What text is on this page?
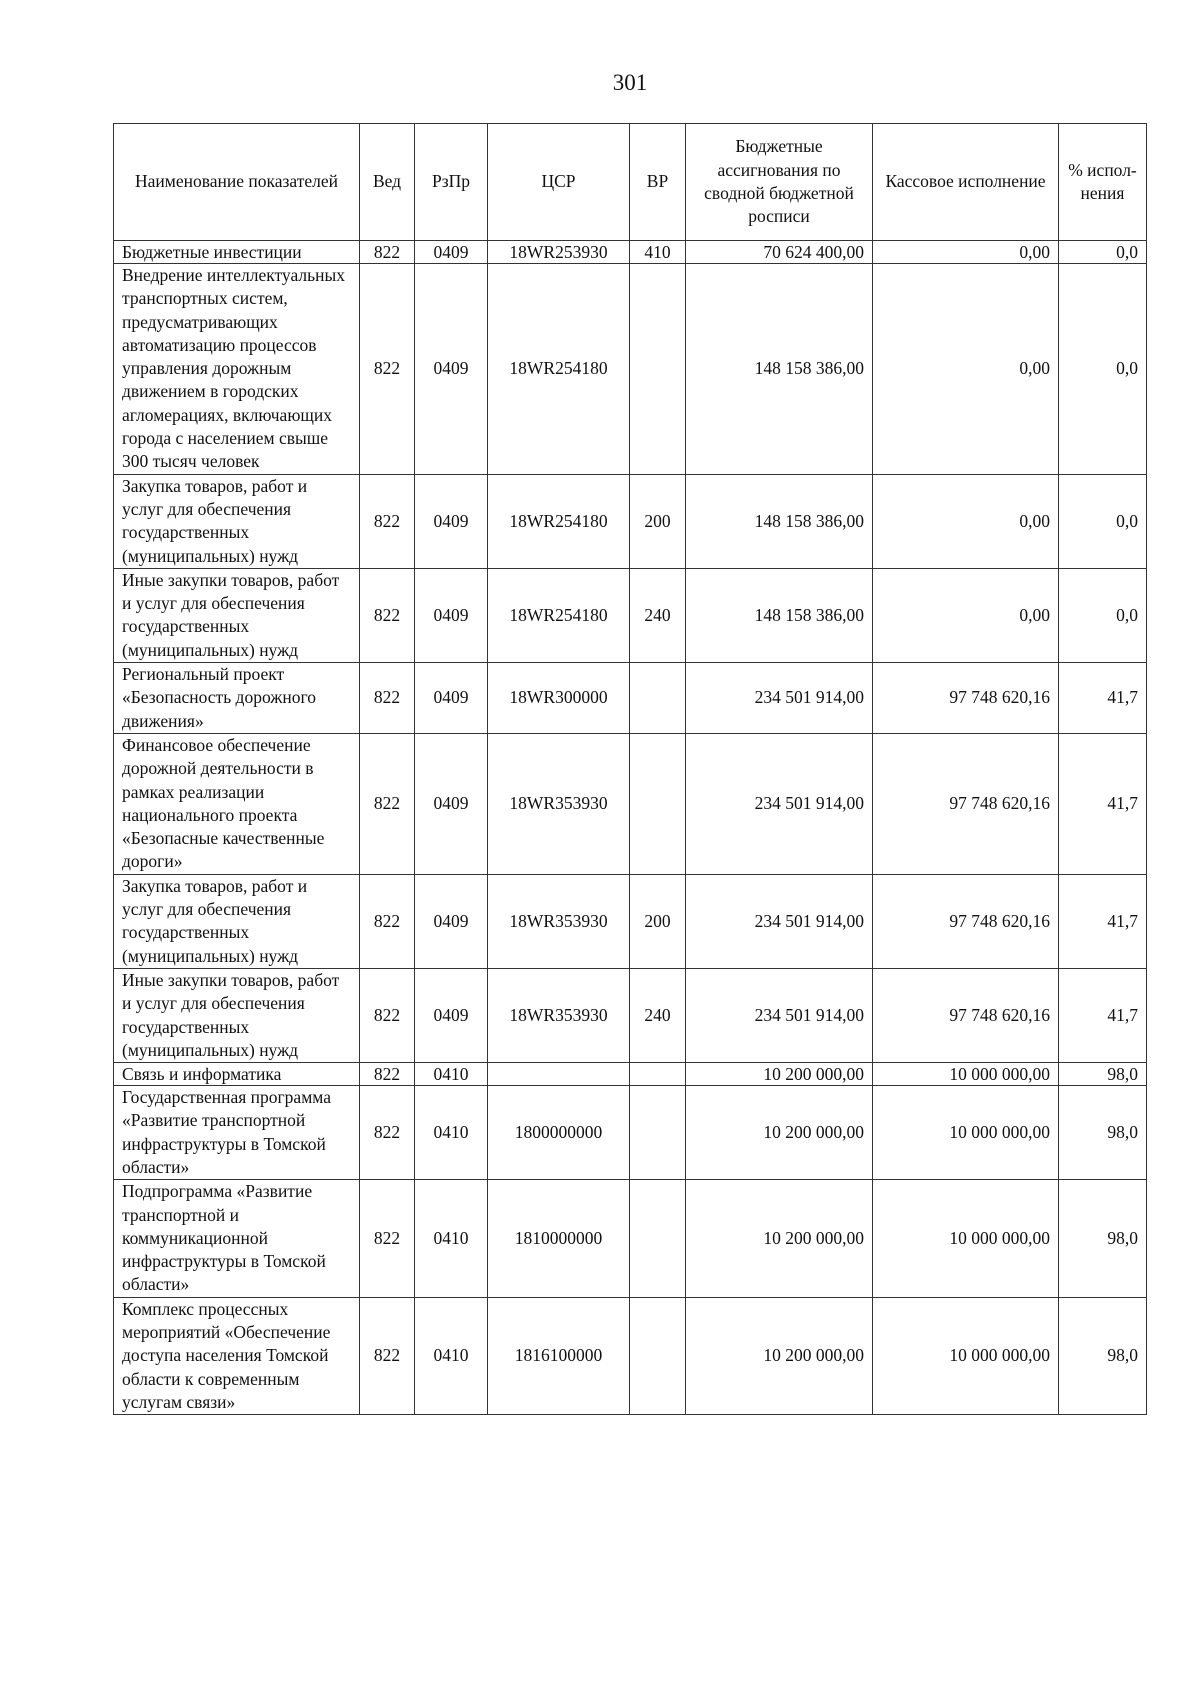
301
Наименование показателей	Вед	РзПр	ЦСР	ВР	Бюджетные ассигнования по сводной бюджетной росписи	Кассовое исполнение	% испол-нения
Бюджетные инвестиции	822	0409	18WR253930	410	70 624 400,00	0,00	0,0
Внедрение интеллектуальных транспортных систем, предусматривающих автоматизацию процессов управления дорожным движением в городских агломерациях, включающих города с населением свыше 300 тысяч человек	822	0409	18WR254180		148 158 386,00	0,00	0,0
Закупка товаров, работ и услуг для обеспечения государственных (муниципальных) нужд	822	0409	18WR254180	200	148 158 386,00	0,00	0,0
Иные закупки товаров, работ и услуг для обеспечения государственных (муниципальных) нужд	822	0409	18WR254180	240	148 158 386,00	0,00	0,0
Региональный проект «Безопасность дорожного движения»	822	0409	18WR300000		234 501 914,00	97 748 620,16	41,7
Финансовое обеспечение дорожной деятельности в рамках реализации национального проекта «Безопасные качественные дороги»	822	0409	18WR353930		234 501 914,00	97 748 620,16	41,7
Закупка товаров, работ и услуг для обеспечения государственных (муниципальных) нужд	822	0409	18WR353930	200	234 501 914,00	97 748 620,16	41,7
Иные закупки товаров, работ и услуг для обеспечения государственных (муниципальных) нужд	822	0409	18WR353930	240	234 501 914,00	97 748 620,16	41,7
Связь и информатика	822	0410			10 200 000,00	10 000 000,00	98,0
Государственная программа «Развитие транспортной инфраструктуры в Томской области»	822	0410	1800000000		10 200 000,00	10 000 000,00	98,0
Подпрограмма «Развитие транспортной и коммуникационной инфраструктуры в Томской области»	822	0410	1810000000		10 200 000,00	10 000 000,00	98,0
Комплекс процессных мероприятий «Обеспечение доступа населения Томской области к современным услугам связи»	822	0410	1816100000		10 200 000,00	10 000 000,00	98,0
